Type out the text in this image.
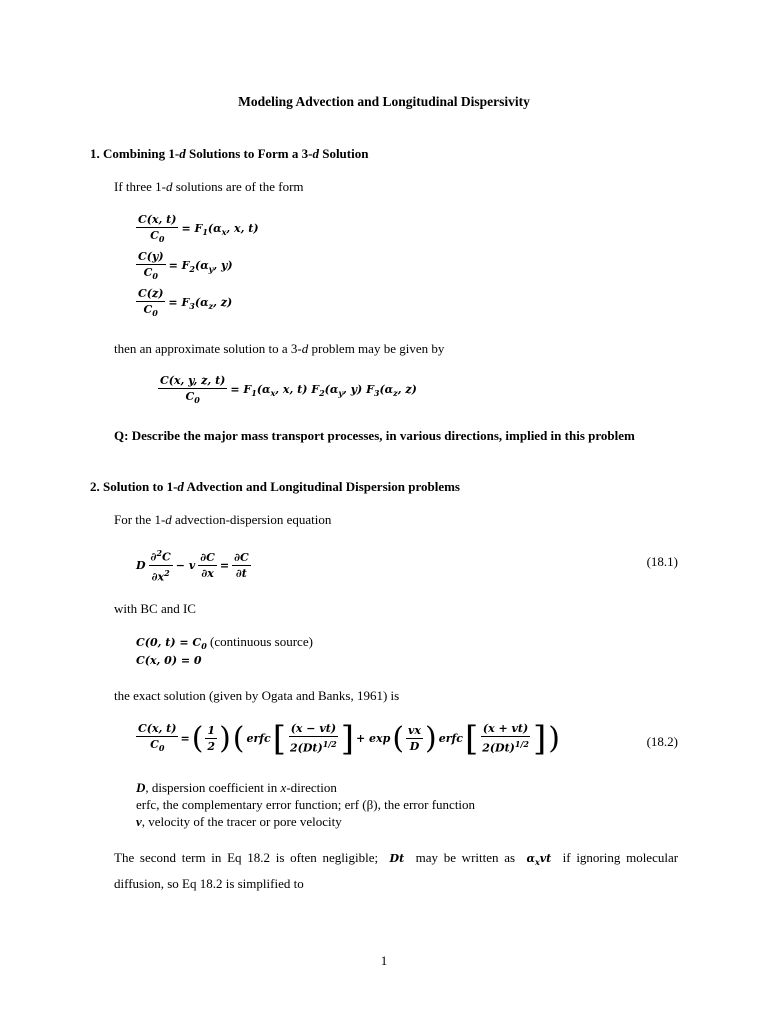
Modeling Advection and Longitudinal Dispersivity
1. Combining 1-d Solutions to Form a 3-d Solution
If three 1-d solutions are of the form
$\frac{C(x, t)}{C_0} = F_1(\alpha_x$, x, t)
$\frac{C(y)}{C_0} = F_2(\alpha_y$, y)
$\frac{C(z)}{C_0} = F_3(\alpha_z$, z)
then an approximate solution to a 3-d problem may be given by
$\frac{C(x, y, z, t)}{C_0} = F_1(\alpha_x$, x, t) $F_2(\alpha_y$, y) $F_3(\alpha_z$, z)
Q: Describe the major mass transport processes, in various directions, implied in this problem
2. Solution to 1-d Advection and Longitudinal Dispersion problems
For the 1-d advection-dispersion equation
D $\frac{\partial^2C}{\partial x^2} - v \frac{\partial C}{\partial x} = \frac{\partial C}{\partial t}$	(18.1)
with BC and IC
C(0, $t) = C_0$ (continuous source)
C(x, 0) = 0
the exact solution (given by Ogata and Banks, 1961) is
$\frac{C(x, t)}{C_0}$ = ( $\frac{1}{2}$ ) ( erfc [ $\frac{(x - vt)}{2(Dt)^{1/2}}$ ] + exp ( $\frac{vx}{D}$ ) erfc [ $\frac{(x + vt)}{2(Dt)^{1/2}}$ ] )	(18.2)
D, dispersion coefficient in x-direction
erfc, the complementary error function; erf (β), the error function
v, velocity of the tracer or pore velocity
The second term in Eq 18.2 is often negligible; Dt may be written as $\alpha_xvt$ if ignoring molecular diffusion, so Eq 18.2 is simplified to
1
